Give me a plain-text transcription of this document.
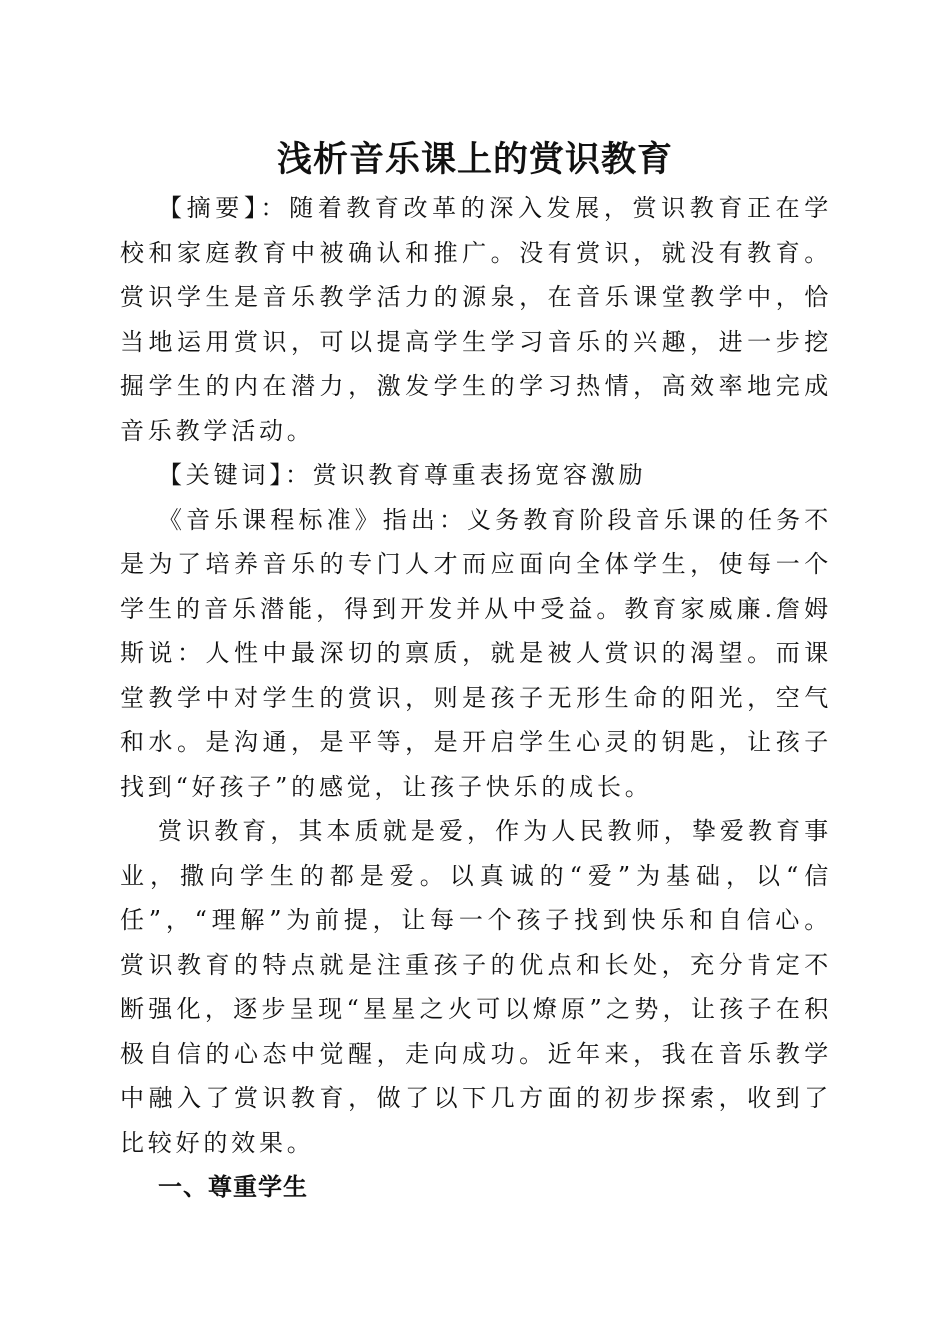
浅析音乐课上的赏识教育

【摘要】：随着教育改革的深入发展，赏识教育正在学校和家庭教育中被确认和推广。没有赏识，就没有教育。赏识学生是音乐教学活力的源泉，在音乐课堂教学中，恰当地运用赏识，可以提高学生学习音乐的兴趣，进一步挖掘学生的内在潜力，激发学生的学习热情，高效率地完成音乐教学活动。

【关键词】：赏识教育尊重表扬宽容激励

《音乐课程标准》指出：义务教育阶段音乐课的任务不是为了培养音乐的专门人才而应面向全体学生，使每一个学生的音乐潜能，得到开发并从中受益。教育家威廉.詹姆斯说：人性中最深切的禀质，就是被人赏识的渴望。而课堂教学中对学生的赏识，则是孩子无形生命的阳光，空气和水。是沟通，是平等，是开启学生心灵的钥匙，让孩子找到“好孩子”的感觉，让孩子快乐的成长。

赏识教育，其本质就是爱，作为人民教师，挚爱教育事业，撒向学生的都是爱。以真诚的“爱”为基础，以“信任”，“理解”为前提，让每一个孩子找到快乐和自信心。赏识教育的特点就是注重孩子的优点和长处，充分肯定不断强化，逐步呈现“星星之火可以燎原”之势，让孩子在积极自信的心态中觉醒，走向成功。近年来，我在音乐教学中融入了赏识教育，做了以下几方面的初步探索，收到了比较好的效果。

一、尊重学生
